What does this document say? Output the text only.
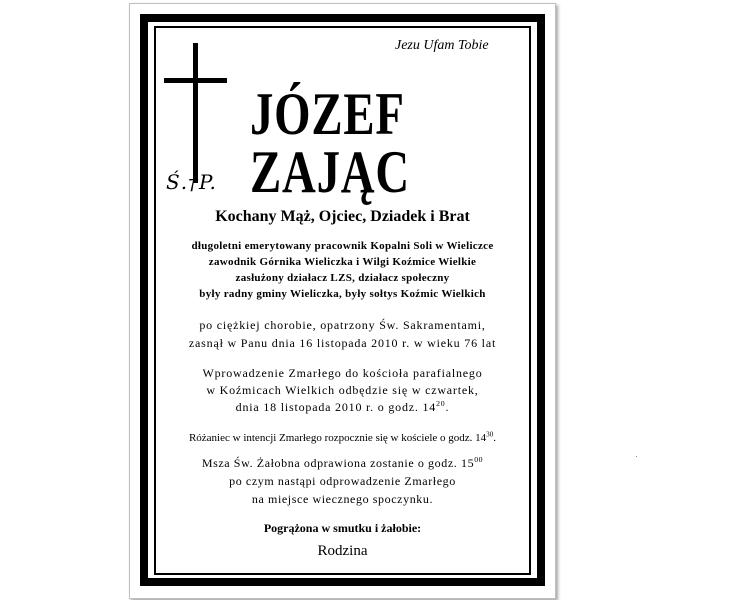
Ś.†P.
Jezu Ufam Tobie
JÓZEF
ZAJĄC
Kochany Mąż, Ojciec, Dziadek i Brat
długoletni emerytowany pracownik Kopalni Soli w Wieliczce
zawodnik Górnika Wieliczka i Wilgi Koźmice Wielkie
zasłużony działacz LZS, działacz społeczny
były radny gminy Wieliczka, były sołtys Koźmic Wielkich
po ciężkiej chorobie, opatrzony Św. Sakramentami,
zasnął w Panu dnia 16 listopada 2010 r. w wieku 76 lat
Wprowadzenie Zmarłego do kościoła parafialnego
w Koźmicach Wielkich odbędzie się w czwartek,
dnia 18 listopada 2010 r. o godz. $14^{20}$.
Różaniec w intencji Zmarłego rozpocznie się w kościele o godz. $14^{30}$.
Msza Św. Żałobna odprawiona zostanie o godz. $15^{00}$
po czym nastąpi odprowadzenie Zmarłego
na miejsce wiecznego spoczynku.
Pogrążona w smutku i żałobie:
Rodzina
